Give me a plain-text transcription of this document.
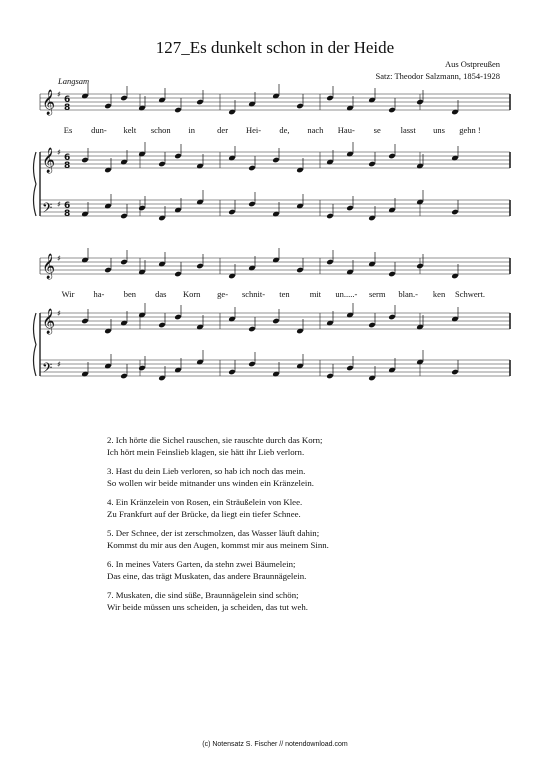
127_Es dunkelt schon in der Heide
Aus Ostpreußen
Satz: Theodor Salzmann, 1854-1928
Langsam
𝄞 6
8
♯
𝄞 6
8
♯
𝄢 6
8
♯
𝄞 ♯
𝄞 ♯
𝄢 ♯
Es dun- kelt schon in	der Hei- de, nach Hau- se lasst uns gehn !
Wir ha- ben das Korn ge- schnit- ten mit un.....- serm blan.- ken Schwert.
2. Ich hörte die Sichel rauschen, sie rauschte durch das Korn;
Ich hört mein Feinslieb klagen, sie hätt ihr Lieb verlorn.
3. Hast du dein Lieb verloren, so hab ich noch das mein.
So wollen wir beide mitnander uns winden ein Kränzelein.
4. Ein Kränzelein von Rosen, ein Sträußelein von Klee.
Zu Frankfurt auf der Brücke, da liegt ein tiefer Schnee.
5. Der Schnee, der ist zerschmolzen, das Wasser läuft dahin;
Kommst du mir aus den Augen, kommst mir aus meinem Sinn.
6. In meines Vaters Garten, da stehn zwei Bäumelein;
Das eine, das trägt Muskaten, das andere Braunnägelein.
7. Muskaten, die sind süße, Braunnägelein sind schön;
Wir beide müssen uns scheiden, ja scheiden, das tut weh.
(c) Notensatz S. Fischer // notendownload.com
